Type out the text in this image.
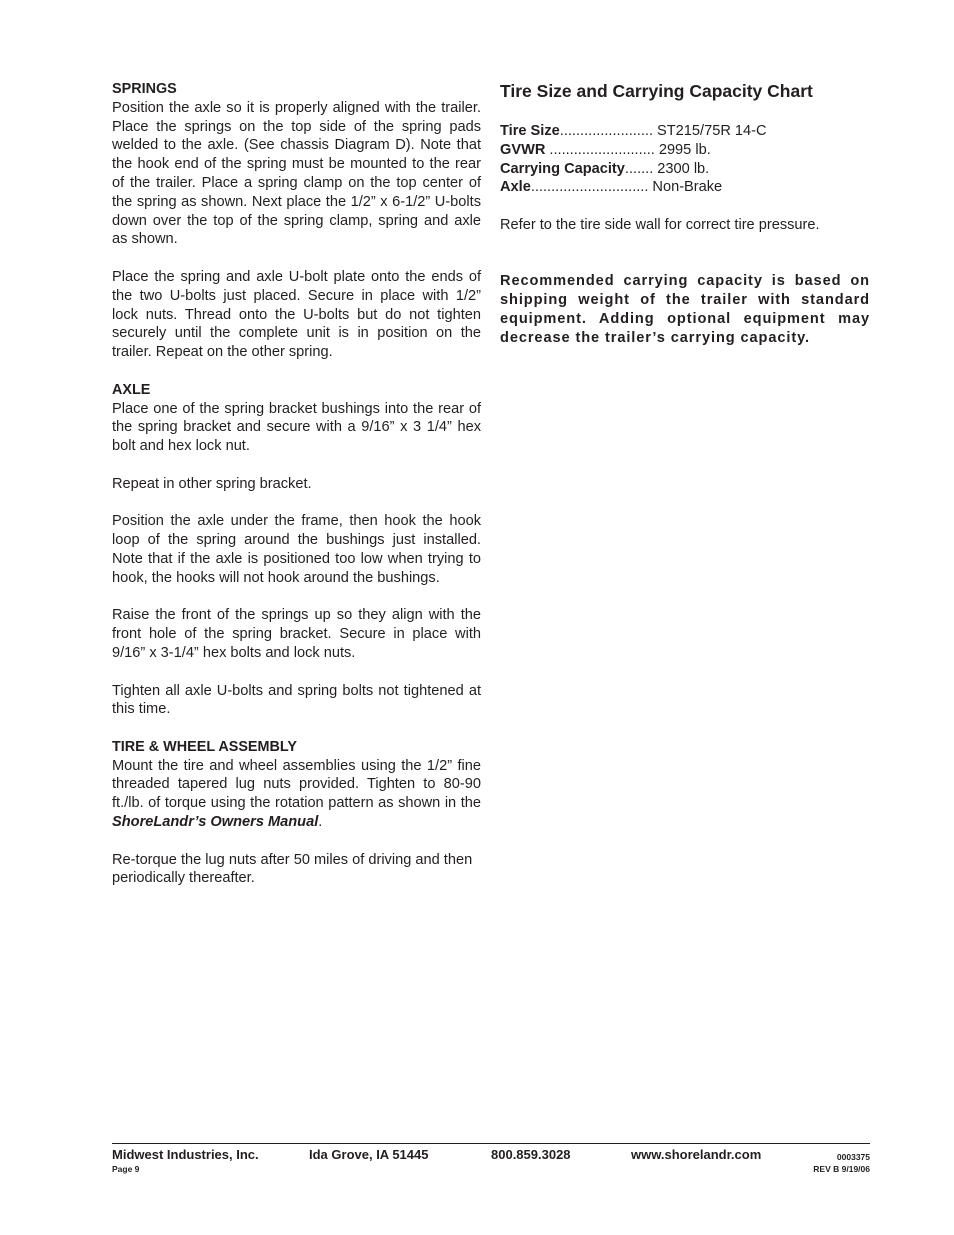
SPRINGS

Position the axle so it is properly aligned with the trailer. Place the springs on the top side of the spring pads welded to the axle. (See chassis Diagram D). Note that the hook end of the spring must be mounted to the rear of the trailer. Place a spring clamp on the top center of the spring as shown. Next place the 1/2” x 6-1/2” U-bolts down over the top of the spring clamp, spring and axle as shown.

Place the spring and axle U-bolt plate onto the ends of the two U-bolts just placed. Secure in place with 1/2” lock nuts. Thread onto the U-bolts but do not tighten securely until the complete unit is in position on the trailer. Repeat on the other spring.

AXLE

Place one of the spring bracket bushings into the rear of the spring bracket and secure with a 9/16” x 3 1/4” hex bolt and hex lock nut.

Repeat in other spring bracket.

Position the axle under the frame, then hook the hook loop of the spring around the bushings just installed. Note that if the axle is positioned too low when trying to hook, the hooks will not hook around the bushings.

Raise the front of the springs up so they align with the front hole of the spring bracket. Secure in place with 9/16” x 3-1/4” hex bolts and lock nuts.

Tighten all axle U-bolts and spring bolts not tightened at this time.

TIRE & WHEEL ASSEMBLY

Mount the tire and wheel assemblies using the 1/2” fine threaded tapered lug nuts provided. Tighten to 80-90 ft./lb. of torque using the rotation pattern as shown in the ShoreLandr’s Owners Manual.

Re-torque the lug nuts after 50 miles of driving and then periodically thereafter.

Tire Size and Carrying Capacity Chart
Tire Size ....................... ST215/75R 14-C
GVWR .......................... 2995 lb.
Carrying Capacity ....... 2300 lb.
Axle ............................. Non-Brake

Refer to the tire side wall for correct tire pressure.

Recommended carrying capacity is based on shipping weight of the trailer with standard equipment. Adding optional equipment may decrease the trailer’s carrying capacity.

Midwest Industries, Inc.
Page 9
Ida Grove, IA 51445	800.859.3028	www.shorelandr.com	0003375
REV B 9/19/06
